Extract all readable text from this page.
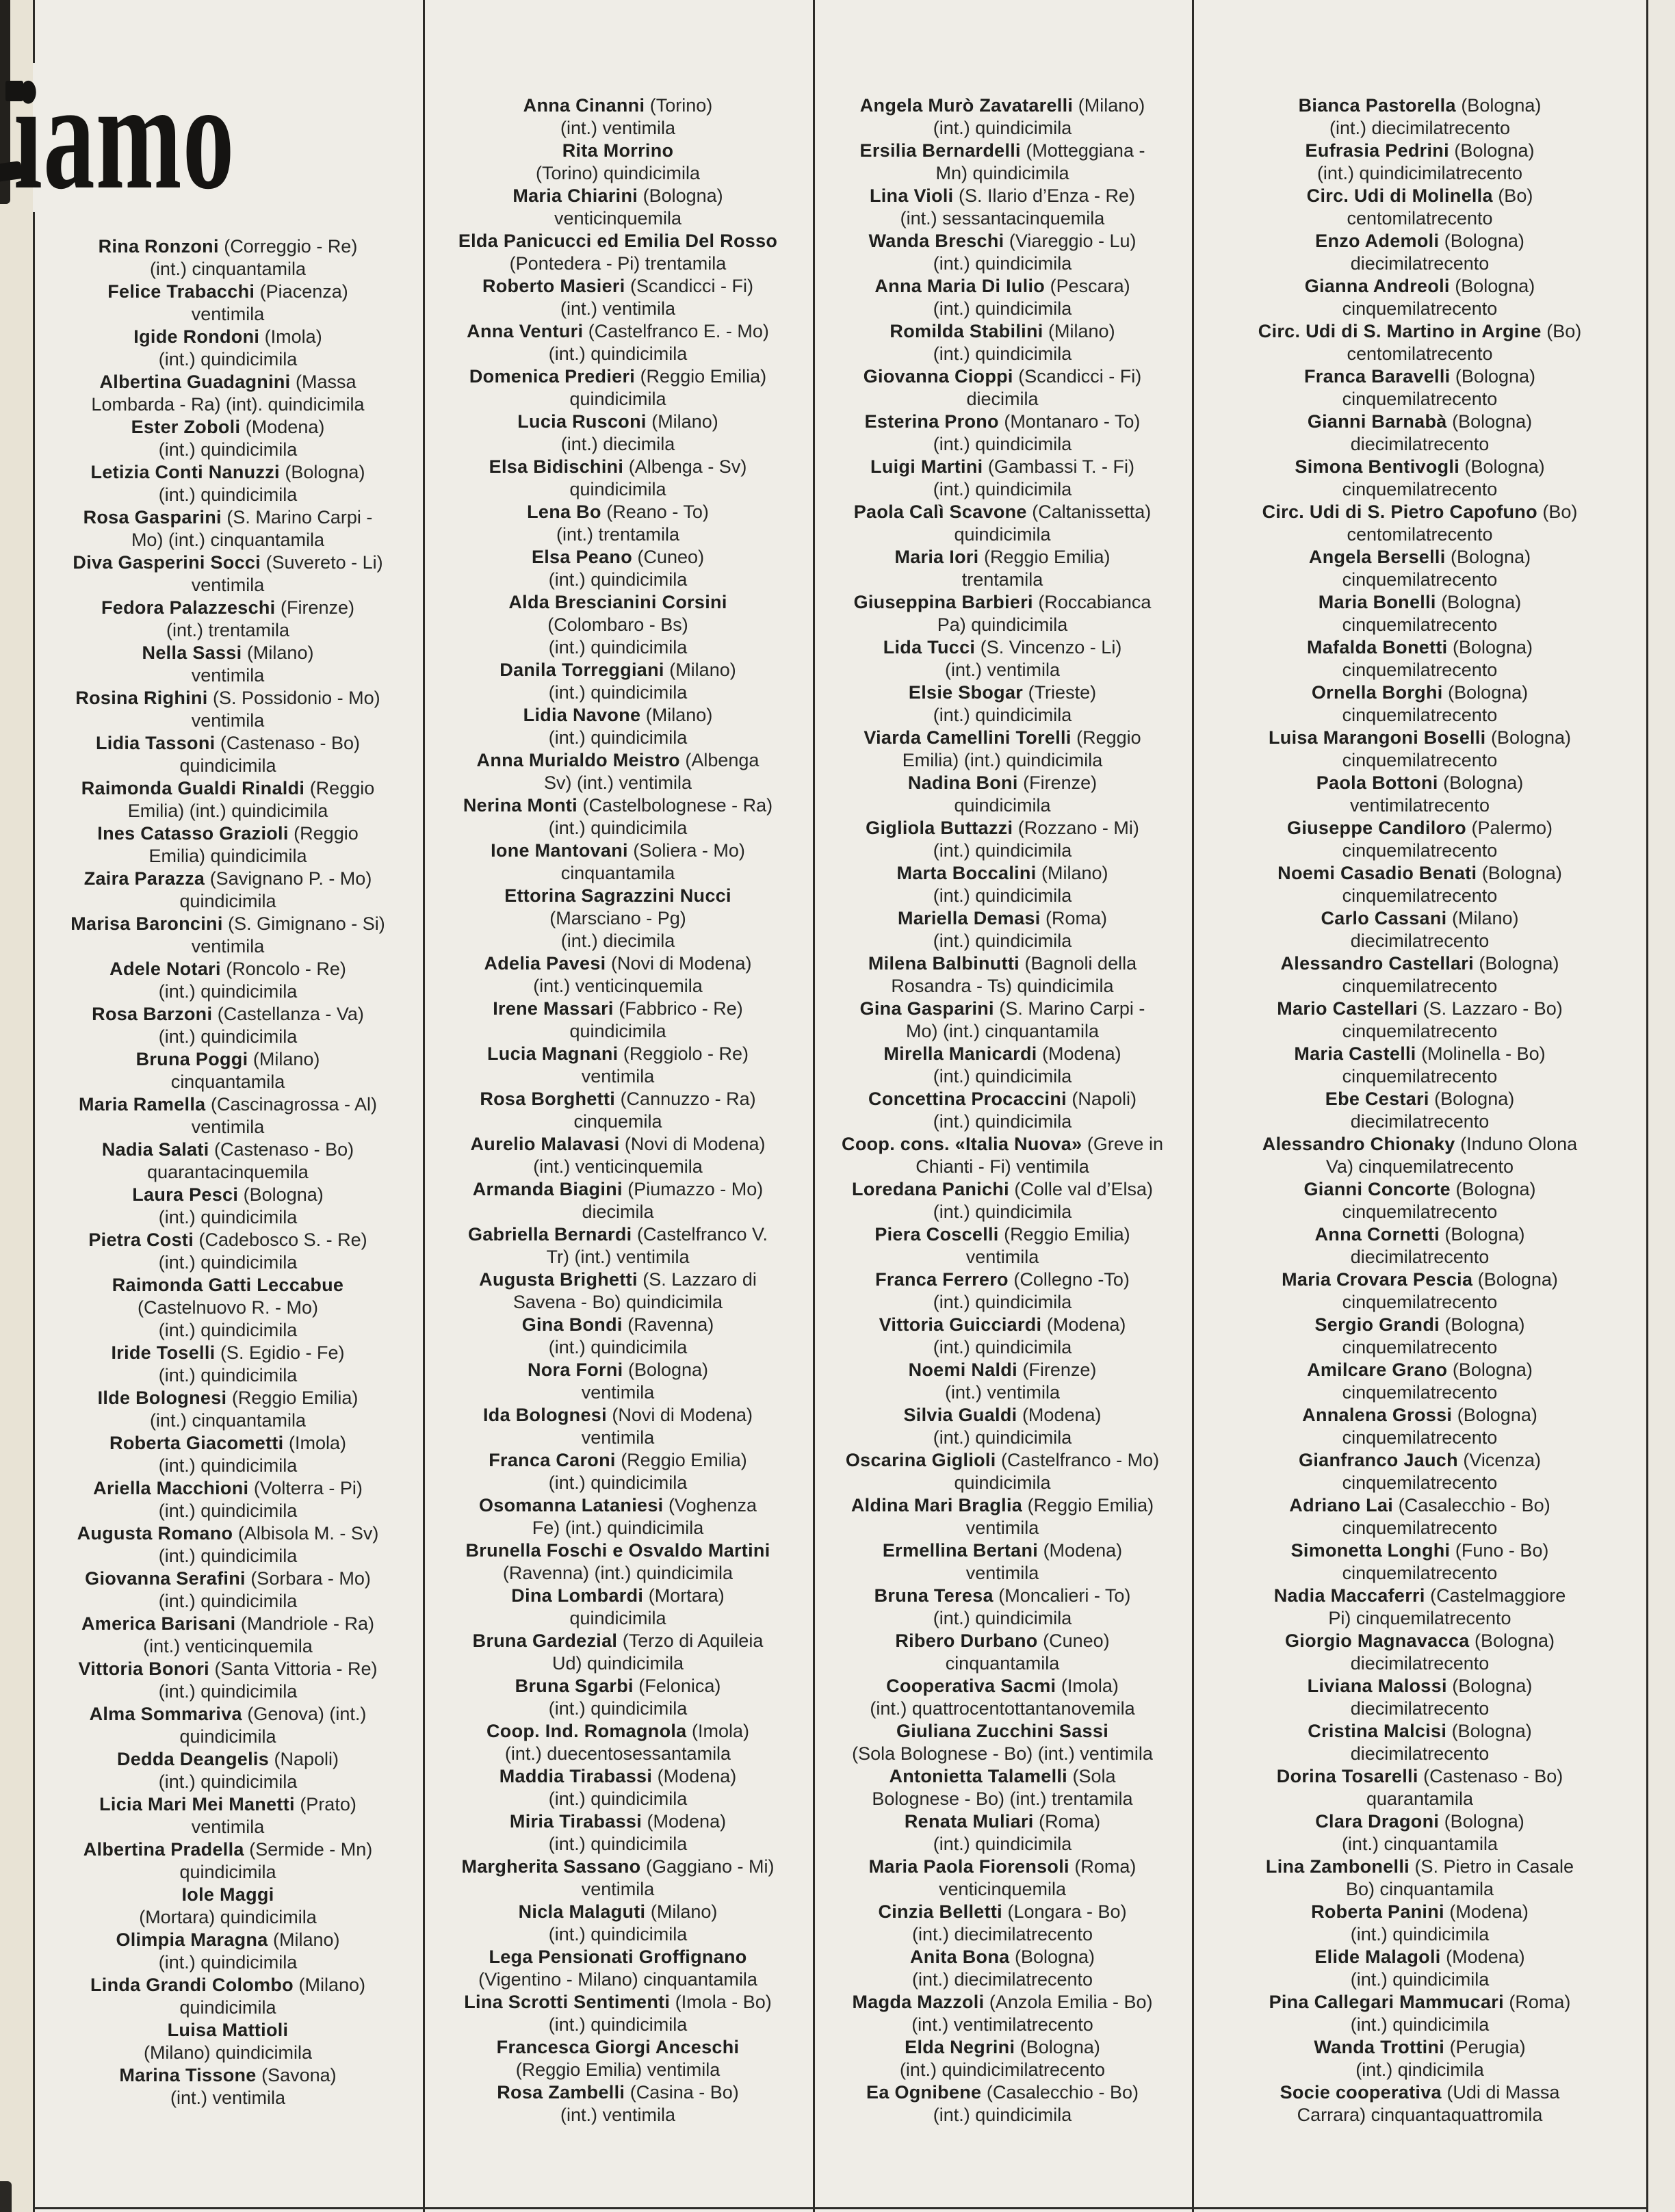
iamo
Rina Ronzoni (Correggio - Re)
(int.) cinquantamila
Felice Trabacchi (Piacenza)
ventimila
Igide Rondoni (Imola)
(int.) quindicimila
Albertina Guadagnini (Massa
Lombarda - Ra) (int). quindicimila
Ester Zoboli (Modena)
(int.) quindicimila
Letizia Conti Nanuzzi (Bologna)
(int.) quindicimila
Rosa Gasparini (S. Marino Carpi -
Mo) (int.) cinquantamila
Diva Gasperini Socci (Suvereto - Li)
ventimila
Fedora Palazzeschi (Firenze)
(int.) trentamila
Nella Sassi (Milano)
ventimila
Rosina Righini (S. Possidonio - Mo)
ventimila
Lidia Tassoni (Castenaso - Bo)
quindicimila
Raimonda Gualdi Rinaldi (Reggio
Emilia) (int.) quindicimila
Ines Catasso Grazioli (Reggio
Emilia) quindicimila
Zaira Parazza (Savignano P. - Mo)
quindicimila
Marisa Baroncini (S. Gimignano - Si)
ventimila
Adele Notari (Roncolo - Re)
(int.) quindicimila
Rosa Barzoni (Castellanza - Va)
(int.) quindicimila
Bruna Poggi (Milano)
cinquantamila
Maria Ramella (Cascinagrossa - Al)
ventimila
Nadia Salati (Castenaso - Bo)
quarantacinquemila
Laura Pesci (Bologna)
(int.) quindicimila
Pietra Costi (Cadebosco S. - Re)
(int.) quindicimila
Raimonda Gatti Leccabue
(Castelnuovo R. - Mo)
(int.) quindicimila
Iride Toselli (S. Egidio - Fe)
(int.) quindicimila
Ilde Bolognesi (Reggio Emilia)
(int.) cinquantamila
Roberta Giacometti (Imola)
(int.) quindicimila
Ariella Macchioni (Volterra - Pi)
(int.) quindicimila
Augusta Romano (Albisola M. - Sv)
(int.) quindicimila
Giovanna Serafini (Sorbara - Mo)
(int.) quindicimila
America Barisani (Mandriole - Ra)
(int.) venticinquemila
Vittoria Bonori (Santa Vittoria - Re)
(int.) quindicimila
Alma Sommariva (Genova) (int.)
quindicimila
Dedda Deangelis (Napoli)
(int.) quindicimila
Licia Mari Mei Manetti (Prato)
ventimila
Albertina Pradella (Sermide - Mn)
quindicimila
Iole Maggi
(Mortara) quindicimila
Olimpia Maragna (Milano)
(int.) quindicimila
Linda Grandi Colombo (Milano)
quindicimila
Luisa Mattioli
(Milano) quindicimila
Marina Tissone (Savona)
(int.) ventimila
Anna Cinanni (Torino)
(int.) ventimila
Rita Morrino
(Torino) quindicimila
Maria Chiarini (Bologna)
venticinquemila
Elda Panicucci ed Emilia Del Rosso
(Pontedera - Pi) trentamila
Roberto Masieri (Scandicci - Fi)
(int.) ventimila
Anna Venturi (Castelfranco E. - Mo)
(int.) quindicimila
Domenica Predieri (Reggio Emilia)
quindicimila
Lucia Rusconi (Milano)
(int.) diecimila
Elsa Bidischini (Albenga - Sv)
quindicimila
Lena Bo (Reano - To)
(int.) trentamila
Elsa Peano (Cuneo)
(int.) quindicimila
Alda Brescianini Corsini
(Colombaro - Bs)
(int.) quindicimila
Danila Torreggiani (Milano)
(int.) quindicimila
Lidia Navone (Milano)
(int.) quindicimila
Anna Murialdo Meistro (Albenga
Sv) (int.) ventimila
Nerina Monti (Castelbolognese - Ra)
(int.) quindicimila
Ione Mantovani (Soliera - Mo)
cinquantamila
Ettorina Sagrazzini Nucci
(Marsciano - Pg)
(int.) diecimila
Adelia Pavesi (Novi di Modena)
(int.) venticinquemila
Irene Massari (Fabbrico - Re)
quindicimila
Lucia Magnani (Reggiolo - Re)
ventimila
Rosa Borghetti (Cannuzzo - Ra)
cinquemila
Aurelio Malavasi (Novi di Modena)
(int.) venticinquemila
Armanda Biagini (Piumazzo - Mo)
diecimila
Gabriella Bernardi (Castelfranco V.
Tr) (int.) ventimila
Augusta Brighetti (S. Lazzaro di
Savena - Bo) quindicimila
Gina Bondi (Ravenna)
(int.) quindicimila
Nora Forni (Bologna)
ventimila
Ida Bolognesi (Novi di Modena)
ventimila
Franca Caroni (Reggio Emilia)
(int.) quindicimila
Osomanna Lataniesi (Voghenza
Fe) (int.) quindicimila
Brunella Foschi e Osvaldo Martini
(Ravenna) (int.) quindicimila
Dina Lombardi (Mortara)
quindicimila
Bruna Gardezial (Terzo di Aquileia
Ud) quindicimila
Bruna Sgarbi (Felonica)
(int.) quindicimila
Coop. Ind. Romagnola (Imola)
(int.) duecentosessantamila
Maddia Tirabassi (Modena)
(int.) quindicimila
Miria Tirabassi (Modena)
(int.) quindicimila
Margherita Sassano (Gaggiano - Mi)
ventimila
Nicla Malaguti (Milano)
(int.) quindicimila
Lega Pensionati Groffignano
(Vigentino - Milano) cinquantamila
Lina Scrotti Sentimenti (Imola - Bo)
(int.) quindicimila
Francesca Giorgi Anceschi
(Reggio Emilia) ventimila
Rosa Zambelli (Casina - Bo)
(int.) ventimila
Angela Murò Zavatarelli (Milano)
(int.) quindicimila
Ersilia Bernardelli (Motteggiana -
Mn) quindicimila
Lina Violi (S. Ilario d’Enza - Re)
(int.) sessantacinquemila
Wanda Breschi (Viareggio - Lu)
(int.) quindicimila
Anna Maria Di Iulio (Pescara)
(int.) quindicimila
Romilda Stabilini (Milano)
(int.) quindicimila
Giovanna Cioppi (Scandicci - Fi)
diecimila
Esterina Prono (Montanaro - To)
(int.) quindicimila
Luigi Martini (Gambassi T. - Fi)
(int.) quindicimila
Paola Calì Scavone (Caltanissetta)
quindicimila
Maria Iori (Reggio Emilia)
trentamila
Giuseppina Barbieri (Roccabianca
Pa) quindicimila
Lida Tucci (S. Vincenzo - Li)
(int.) ventimila
Elsie Sbogar (Trieste)
(int.) quindicimila
Viarda Camellini Torelli (Reggio
Emilia) (int.) quindicimila
Nadina Boni (Firenze)
quindicimila
Gigliola Buttazzi (Rozzano - Mi)
(int.) quindicimila
Marta Boccalini (Milano)
(int.) quindicimila
Mariella Demasi (Roma)
(int.) quindicimila
Milena Balbinutti (Bagnoli della
Rosandra - Ts) quindicimila
Gina Gasparini (S. Marino Carpi -
Mo) (int.) cinquantamila
Mirella Manicardi (Modena)
(int.) quindicimila
Concettina Procaccini (Napoli)
(int.) quindicimila
Coop. cons. «Italia Nuova» (Greve in
Chianti - Fi) ventimila
Loredana Panichi (Colle val d’Elsa)
(int.) quindicimila
Piera Coscelli (Reggio Emilia)
ventimila
Franca Ferrero (Collegno -To)
(int.) quindicimila
Vittoria Guicciardi (Modena)
(int.) quindicimila
Noemi Naldi (Firenze)
(int.) ventimila
Silvia Gualdi (Modena)
(int.) quindicimila
Oscarina Giglioli (Castelfranco - Mo)
quindicimila
Aldina Mari Braglia (Reggio Emilia)
ventimila
Ermellina Bertani (Modena)
ventimila
Bruna Teresa (Moncalieri - To)
(int.) quindicimila
Ribero Durbano (Cuneo)
cinquantamila
Cooperativa Sacmi (Imola)
(int.) quattrocentottantanovemila
Giuliana Zucchini Sassi
(Sola Bolognese - Bo) (int.) ventimila
Antonietta Talamelli (Sola
Bolognese - Bo) (int.) trentamila
Renata Muliari (Roma)
(int.) quindicimila
Maria Paola Fiorensoli (Roma)
venticinquemila
Cinzia Belletti (Longara - Bo)
(int.) diecimilatrecento
Anita Bona (Bologna)
(int.) diecimilatrecento
Magda Mazzoli (Anzola Emilia - Bo)
(int.) ventimilatrecento
Elda Negrini (Bologna)
(int.) quindicimilatrecento
Ea Ognibene (Casalecchio - Bo)
(int.) quindicimila
Bianca Pastorella (Bologna)
(int.) diecimilatrecento
Eufrasia Pedrini (Bologna)
(int.) quindicimilatrecento
Circ. Udi di Molinella (Bo)
centomilatrecento
Enzo Ademoli (Bologna)
diecimilatrecento
Gianna Andreoli (Bologna)
cinquemilatrecento
Circ. Udi di S. Martino in Argine (Bo)
centomilatrecento
Franca Baravelli (Bologna)
cinquemilatrecento
Gianni Barnabà (Bologna)
diecimilatrecento
Simona Bentivogli (Bologna)
cinquemilatrecento
Circ. Udi di S. Pietro Capofuno (Bo)
centomilatrecento
Angela Berselli (Bologna)
cinquemilatrecento
Maria Bonelli (Bologna)
cinquemilatrecento
Mafalda Bonetti (Bologna)
cinquemilatrecento
Ornella Borghi (Bologna)
cinquemilatrecento
Luisa Marangoni Boselli (Bologna)
cinquemilatrecento
Paola Bottoni (Bologna)
ventimilatrecento
Giuseppe Candiloro (Palermo)
cinquemilatrecento
Noemi Casadio Benati (Bologna)
cinquemilatrecento
Carlo Cassani (Milano)
diecimilatrecento
Alessandro Castellari (Bologna)
cinquemilatrecento
Mario Castellari (S. Lazzaro - Bo)
cinquemilatrecento
Maria Castelli (Molinella - Bo)
cinquemilatrecento
Ebe Cestari (Bologna)
diecimilatrecento
Alessandro Chionaky (Induno Olona
Va) cinquemilatrecento
Gianni Concorte (Bologna)
cinquemilatrecento
Anna Cornetti (Bologna)
diecimilatrecento
Maria Crovara Pescia (Bologna)
cinquemilatrecento
Sergio Grandi (Bologna)
cinquemilatrecento
Amilcare Grano (Bologna)
cinquemilatrecento
Annalena Grossi (Bologna)
cinquemilatrecento
Gianfranco Jauch (Vicenza)
cinquemilatrecento
Adriano Lai (Casalecchio - Bo)
cinquemilatrecento
Simonetta Longhi (Funo - Bo)
cinquemilatrecento
Nadia Maccaferri (Castelmaggiore
Pi) cinquemilatrecento
Giorgio Magnavacca (Bologna)
diecimilatrecento
Liviana Malossi (Bologna)
diecimilatrecento
Cristina Malcisi (Bologna)
diecimilatrecento
Dorina Tosarelli (Castenaso - Bo)
quarantamila
Clara Dragoni (Bologna)
(int.) cinquantamila
Lina Zambonelli (S. Pietro in Casale
Bo) cinquantamila
Roberta Panini (Modena)
(int.) quindicimila
Elide Malagoli (Modena)
(int.) quindicimila
Pina Callegari Mammucari (Roma)
(int.) quindicimila
Wanda Trottini (Perugia)
(int.) qindicimila
Socie cooperativa (Udi di Massa
Carrara) cinquantaquattromila
